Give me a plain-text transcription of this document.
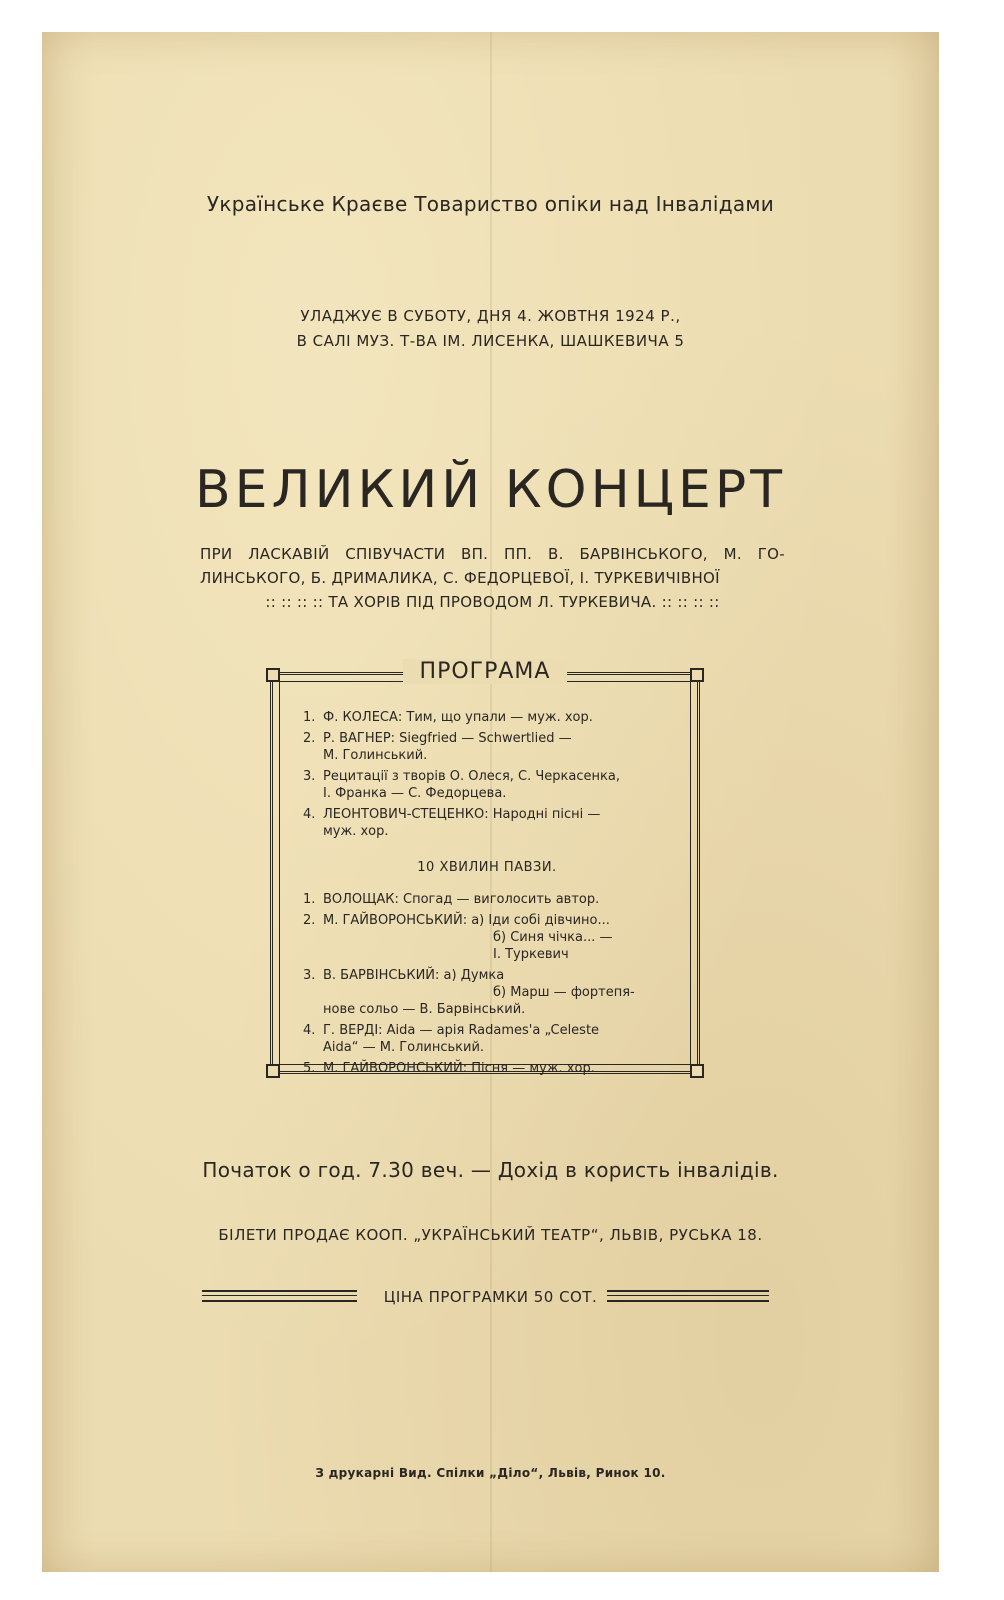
Українське Краєве Товариство опіки над Інвалідами
УЛАДЖУЄ В СУБОТУ, ДНЯ 4. ЖОВТНЯ 1924 Р.,
В САЛІ МУЗ. Т-ВА ІМ. ЛИСЕНКА, ШАШКЕВИЧА 5
ВЕЛИКИЙ КОНЦЕРТ
ПРИ ЛАСКАВІЙ СПІВУЧАСТИ ВП. ПП. В. БАРВІНСЬКОГО, М. ГО- ЛИНСЬКОГО, Б. ДРИМАЛИКА, С. ФЕДОРЦЕВОЇ, І. ТУРКЕВИЧІВНОЇ
:: :: :: :: ТА ХОРІВ ПІД ПРОВОДОМ Л. ТУРКЕВИЧА. :: :: :: ::
ПРОГРАМА
1. Ф. КОЛЕСА: Тим, що упали — муж. хор.
2. Р. ВАГНЕР: Siegfried — Schwertlied —
М. Голинський.
3. Рецитації з творів О. Олеся, С. Черкасенка,
І. Франка — С. Федорцева.
4. ЛЕОНТОВИЧ-СТЕЦЕНКО: Народні пісні —
муж. хор.
10 ХВИЛИН ПАВЗИ.
1. ВОЛОЩАК: Спогад — виголосить автор.
2. М. ГАЙВОРОНСЬКИЙ: а) Іди собі дівчино...
б) Синя чічка... —
І. Туркевич
3. В. БАРВІНСЬКИЙ: а) Думка
б) Марш — фортепя-
нове сольо — В. Барвінський.
4. Г. ВЕРДІ: Aida — арія Radames'a „Celeste
Aida“ — М. Голинський.
5. М. ГАЙВОРОНСЬКИЙ: Пісня — муж. хор.
Початок о год. 7.30 веч. — Дохід в користь інвалідів.
БІЛЕТИ ПРОДАЄ КООП. „УКРАЇНСЬКИЙ ТЕАТР“, ЛЬВІВ, РУСЬКА 18.
ЦІНА ПРОГРАМКИ 50 СОТ.
З друкарні Вид. Спілки „Діло“, Львів, Ринок 10.
